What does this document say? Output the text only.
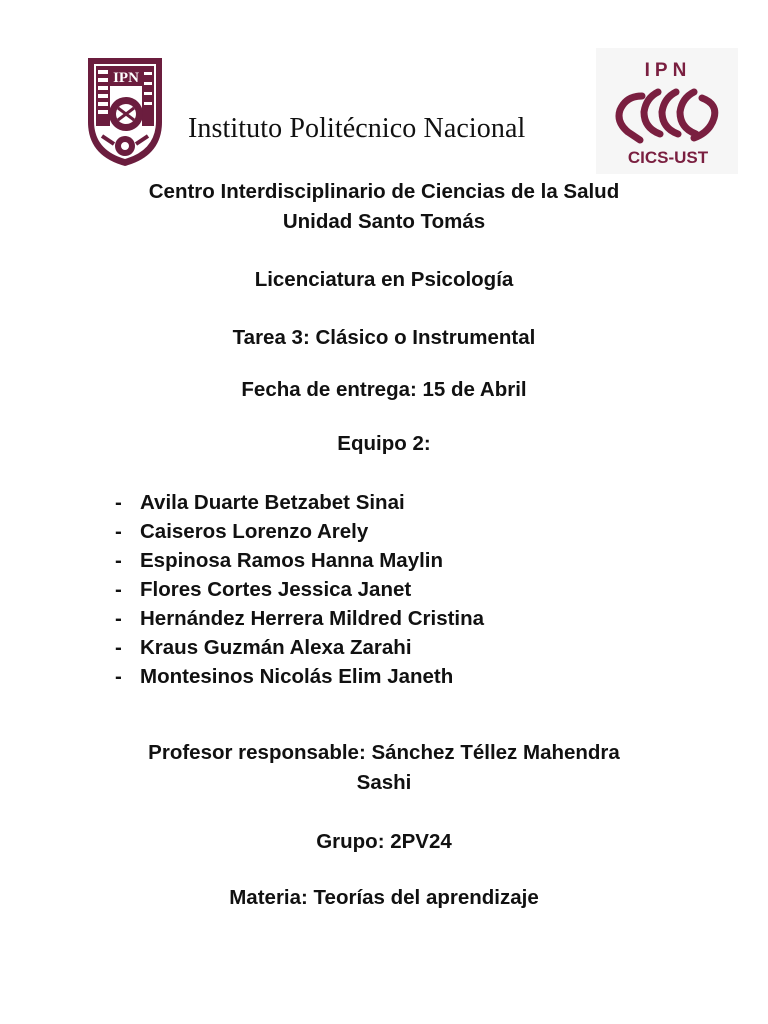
IPN	IPN
CICS-UST
Instituto Politécnico Nacional
Centro Interdisciplinario de Ciencias de la Salud
Unidad Santo Tomás
Licenciatura en Psicología
Tarea 3: Clásico o Instrumental
Fecha de entrega: 15 de Abril
Equipo 2:
- Avila Duarte Betzabet Sinai
- Caiseros Lorenzo Arely
- Espinosa Ramos Hanna Maylin
- Flores Cortes Jessica Janet
- Hernández Herrera Mildred Cristina
- Kraus Guzmán Alexa Zarahi
- Montesinos Nicolás Elim Janeth
Profesor responsable: Sánchez Téllez Mahendra
Sashi
Grupo: 2PV24
Materia: Teorías del aprendizaje
